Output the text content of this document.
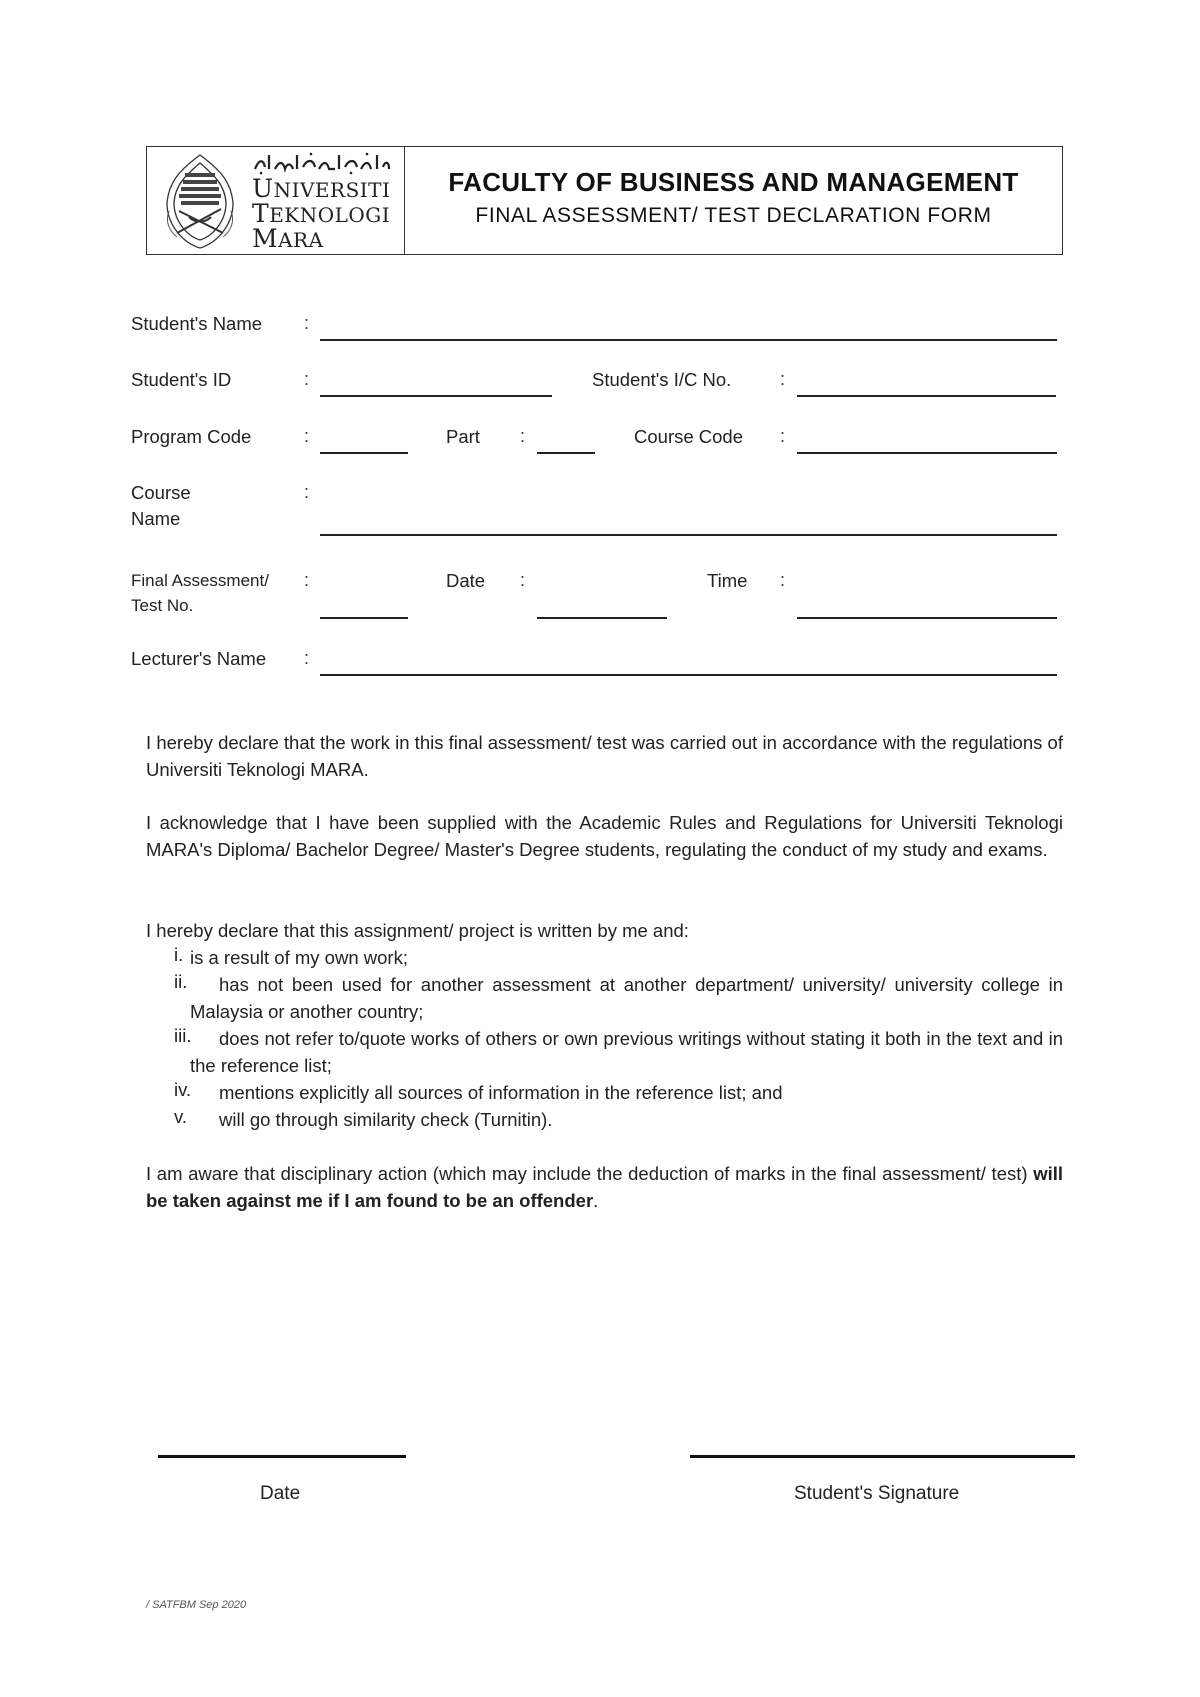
UNIVERSITI
TEKNOLOGI
MARA
FACULTY OF BUSINESS AND MANAGEMENT
FINAL ASSESSMENT/ TEST DECLARATION FORM
Student's Name :
Student's ID	:	Student's I/C No.	:
Program Code	:	Part :	Course Code :
Course
Name
:
Final Assessment/
Test No.
:	Date :	Time :
Lecturer's Name :
I hereby declare that the work in this final assessment/ test was carried out in accordance with the regulations of Universiti Teknologi MARA.
I acknowledge that I have been supplied with the Academic Rules and Regulations for Universiti Teknologi MARA's Diploma/ Bachelor Degree/ Master's Degree students, regulating the conduct of my study and exams.
I hereby declare that this assignment/ project is written by me and:
i. is a result of my own work;
ii.	has not been used for another assessment at another department/ university/ university college in Malaysia or another country;
iii.	does not refer to/quote works of others or own previous writings without stating it both in the text and in the reference list;
iv. mentions explicitly all sources of information in the reference list; and
v. will go through similarity check (Turnitin).
I am aware that disciplinary action (which may include the deduction of marks in the final assessment/ test) will be taken against me if I am found to be an offender.
Date	Student's Signature
/ SATFBM Sep 2020
